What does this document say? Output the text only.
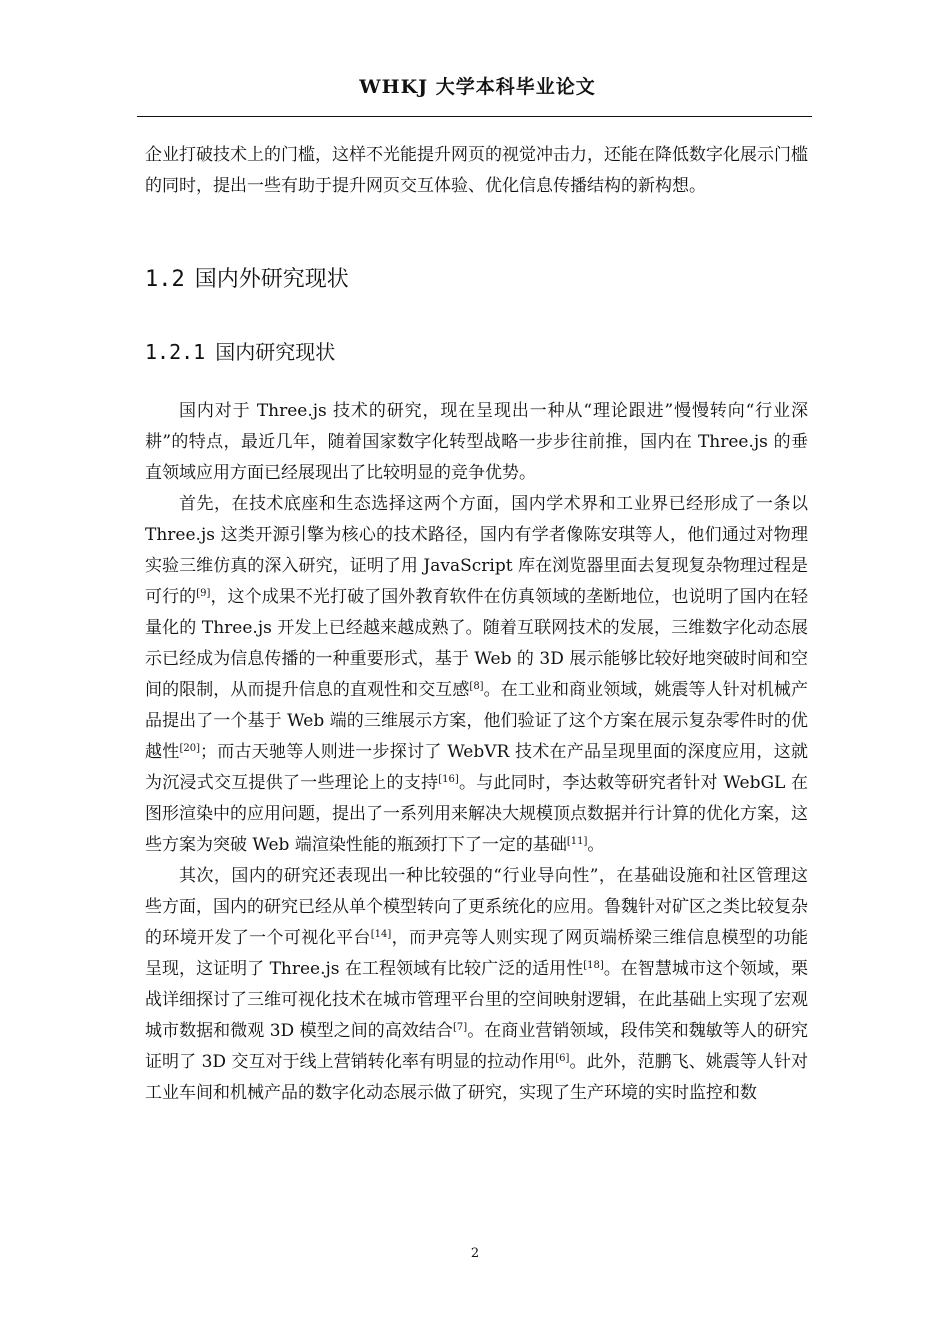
WHKJ 大学本科毕业论文

企业打破技术上的门槛，这样不光能提升网页的视觉冲击力，还能在降低数字化展示门槛的同时，提出一些有助于提升网页交互体验、优化信息传播结构的新构想。

1.2 国内外研究现状
1.2.1 国内研究现状

国内对于 Three.js 技术的研究，现在呈现出一种从“理论跟进”慢慢转向“行业深耕”的特点，最近几年，随着国家数字化转型战略一步步往前推，国内在 Three.js 的垂直领域应用方面已经展现出了比较明显的竞争优势。

首先，在技术底座和生态选择这两个方面，国内学术界和工业界已经形成了一条以 Three.js 这类开源引擎为核心的技术路径，国内有学者像陈安琪等人，他们通过对物理实验三维仿真的深入研究，证明了用 JavaScript 库在浏览器里面去复现复杂物理过程是可行的[9]，这个成果不光打破了国外教育软件在仿真领域的垄断地位，也说明了国内在轻量化的 Three.js 开发上已经越来越成熟了。随着互联网技术的发展，三维数字化动态展示已经成为信息传播的一种重要形式，基于 Web 的 3D 展示能够比较好地突破时间和空间的限制，从而提升信息的直观性和交互感[8]。在工业和商业领域，姚震等人针对机械产品提出了一个基于 Web 端的三维展示方案，他们验证了这个方案在展示复杂零件时的优越性[20]；而古天驰等人则进一步探讨了 WebVR 技术在产品呈现里面的深度应用，这就为沉浸式交互提供了一些理论上的支持[16]。与此同时，李达敕等研究者针对 WebGL 在图形渲染中的应用问题，提出了一系列用来解决大规模顶点数据并行计算的优化方案，这些方案为突破 Web 端渲染性能的瓶颈打下了一定的基础[11]。

其次，国内的研究还表现出一种比较强的“行业导向性”，在基础设施和社区管理这些方面，国内的研究已经从单个模型转向了更系统化的应用。鲁魏针对矿区之类比较复杂的环境开发了一个可视化平台[14]，而尹亮等人则实现了网页端桥梁三维信息模型的功能呈现，这证明了 Three.js 在工程领域有比较广泛的适用性[18]。在智慧城市这个领域，栗战详细探讨了三维可视化技术在城市管理平台里的空间映射逻辑，在此基础上实现了宏观城市数据和微观 3D 模型之间的高效结合[7]。在商业营销领域，段伟笑和魏敏等人的研究证明了 3D 交互对于线上营销转化率有明显的拉动作用[6]。此外，范鹏飞、姚震等人针对工业车间和机械产品的数字化动态展示做了研究，实现了生产环境的实时监控和数

2
